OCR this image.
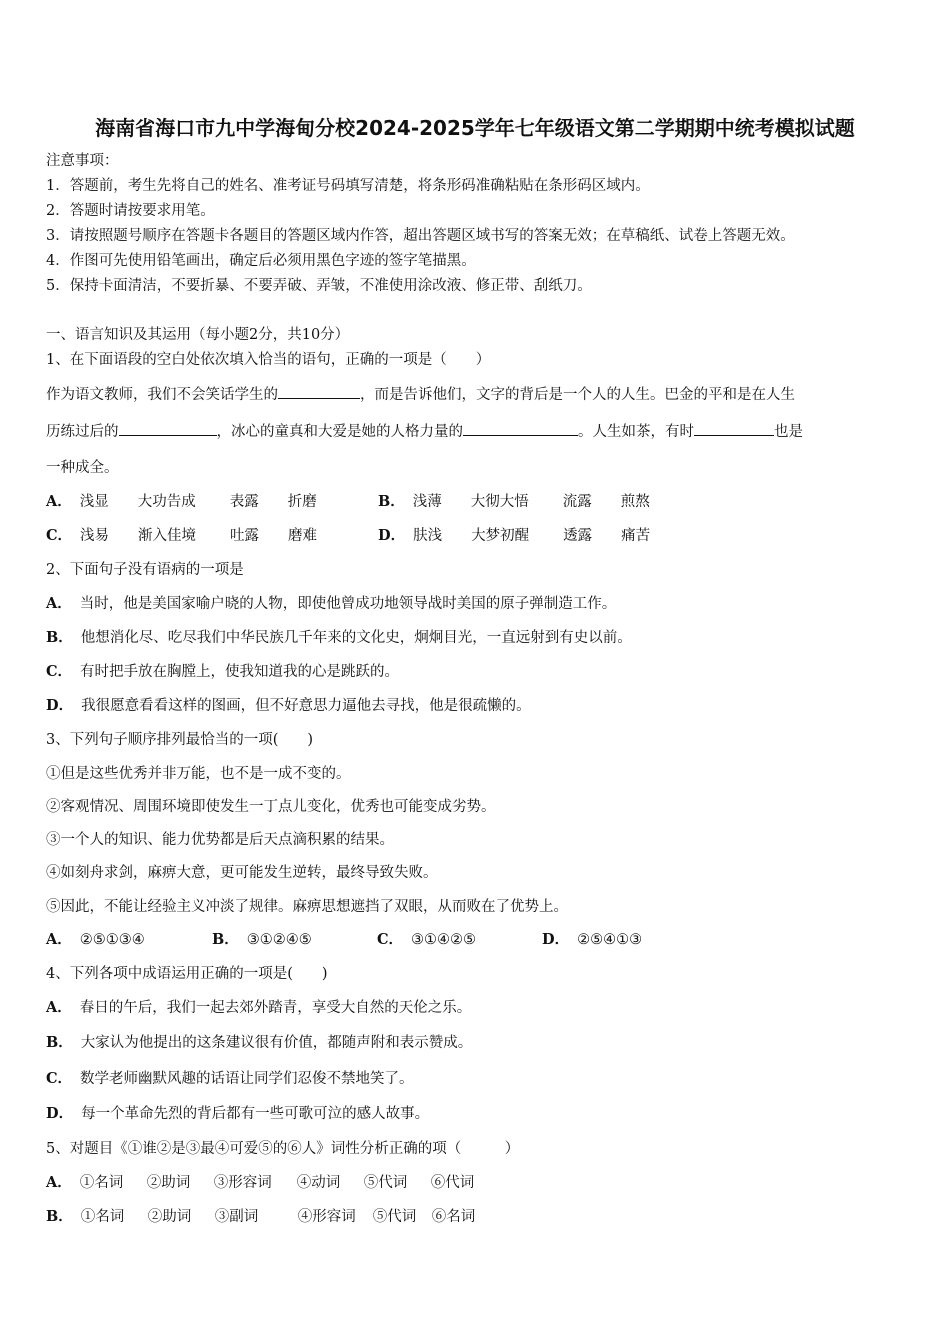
海南省海口市九中学海甸分校2024-2025学年七年级语文第二学期期中统考模拟试题
注意事项：
1．答题前，考生先将自己的姓名、准考证号码填写清楚，将条形码准确粘贴在条形码区域内。
2．答题时请按要求用笔。
3．请按照题号顺序在答题卡各题目的答题区域内作答，超出答题区域书写的答案无效；在草稿纸、试卷上答题无效。
4．作图可先使用铅笔画出，确定后必须用黑色字迹的签字笔描黑。
5．保持卡面清洁，不要折暴、不要弄破、弄皱，不准使用涂改液、修正带、刮纸刀。
一、语言知识及其运用（每小题2分，共10分）
1、在下面语段的空白处依次填入恰当的语句，正确的一项是（　　）
作为语文教师，我们不会笑话学生的	，而是告诉他们，文字的背后是一个人的人生。巴金的平和是在人生
历练过后的	，冰心的童真和大爱是她的人格力量的	。人生如茶，有时	也是
一种成全。
A． 浅显 大功告成 表露 折磨	B． 浅薄 大彻大悟 流露 煎熬
C． 浅易 渐入佳境 吐露 磨难	D． 肤浅 大梦初醒 透露 痛苦
2、下面句子没有语病的一项是
A． 当时，他是美国家喻户晓的人物，即使他曾成功地领导战时美国的原子弹制造工作。
B． 他想消化尽、吃尽我们中华民族几千年来的文化史，炯炯目光，一直远射到有史以前。
C． 有时把手放在胸膛上，使我知道我的心是跳跃的。
D． 我很愿意看看这样的图画，但不好意思力逼他去寻找，他是很疏懒的。
3、下列句子顺序排列最恰当的一项(　　)
①但是这些优秀并非万能，也不是一成不变的。
②客观情况、周围环境即使发生一丁点儿变化，优秀也可能变成劣势。
③一个人的知识、能力优势都是后天点滴积累的结果。
④如刻舟求剑，麻痹大意，更可能发生逆转，最终导致失败。
⑤因此，不能让经验主义冲淡了规律。麻痹思想遮挡了双眼，从而败在了优势上。
A． ②⑤①③④	B． ③①②④⑤	C． ③①④②⑤	D． ②⑤④①③
4、下列各项中成语运用正确的一项是(　　)
A． 春日的午后，我们一起去郊外踏青，享受大自然的天伦之乐。
B． 大家认为他提出的这条建议很有价值，都随声附和表示赞成。
C． 数学老师幽默风趣的话语让同学们忍俊不禁地笑了。
D． 每一个革命先烈的背后都有一些可歌可泣的感人故事。
5、对题目《①谁②是③最④可爱⑤的⑥人》词性分析正确的项（　　　）
A． ①名词 ②助词 ③形容词 ④动词 ⑤代词 ⑥代词
B． ①名词 ②助词 ③副词	④形容词 ⑤代词 ⑥名词
